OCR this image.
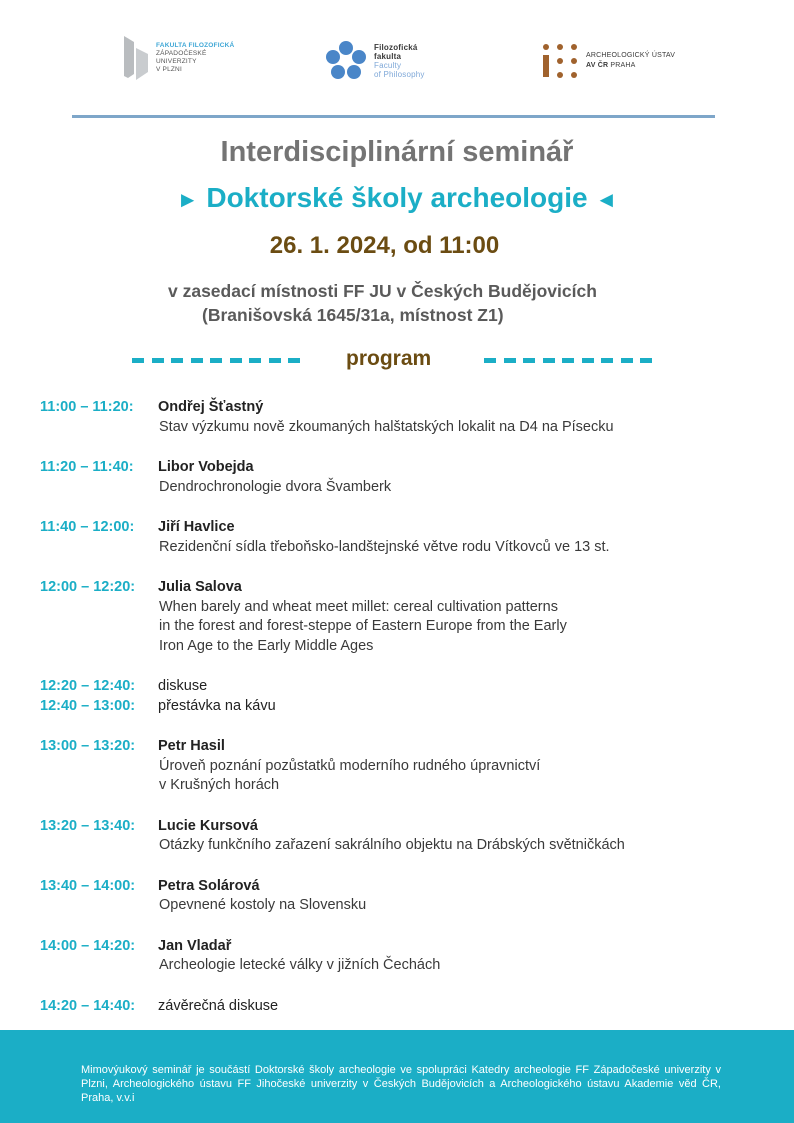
FAKULTA FILOZOFICKÁ
ZÁPADOČESKÉ
UNIVERZITY
V PLZNI
Filozofická
fakulta
Faculty
of Philosophy
ARCHEOLOGICKÝ ÚSTAV
AV ČR PRAHA
Interdisciplinární seminář
► Doktorské školy archeologie ◄
26. 1. 2024, od 11:00
v zasedací místnosti FF JU v Českých Budějovicích
(Branišovská 1645/31a, místnost Z1)
program
11:00 – 11:20: Ondřej Šťastný
Stav výzkumu nově zkoumaných halštatských lokalit na D4 na Písecku
11:20 – 11:40: Libor Vobejda
Dendrochronologie dvora Švamberk
11:40 – 12:00: Jiří Havlice
Rezidenční sídla třeboňsko-landštejnské větve rodu Vítkovců ve 13 st.
12:00 – 12:20: Julia Salova
When barely and wheat meet millet: cereal cultivation patterns
in the forest and forest-steppe of Eastern Europe from the Early
Iron Age to the Early Middle Ages
12:20 – 12:40: diskuse
12:40 – 13:00: přestávka na kávu
13:00 – 13:20: Petr Hasil
Úroveň poznání pozůstatků moderního rudného úpravnictví
v Krušných horách
13:20 – 13:40: Lucie Kursová
Otázky funkčního zařazení sakrálního objektu na Drábských světničkách
13:40 – 14:00: Petra Solárová
Opevnené kostoly na Slovensku
14:00 – 14:20: Jan Vladař
Archeologie letecké války v jižních Čechách
14:20 – 14:40: závěrečná diskuse
Mimovýukový seminář je součástí Doktorské školy archeologie ve spolupráci Katedry archeologie FF Západočeské univerzity v Plzni, Archeologického ústavu FF Jihočeské univerzity v Českých Budějovicích a Archeologického ústavu Akademie věd ČR, Praha, v.v.i
